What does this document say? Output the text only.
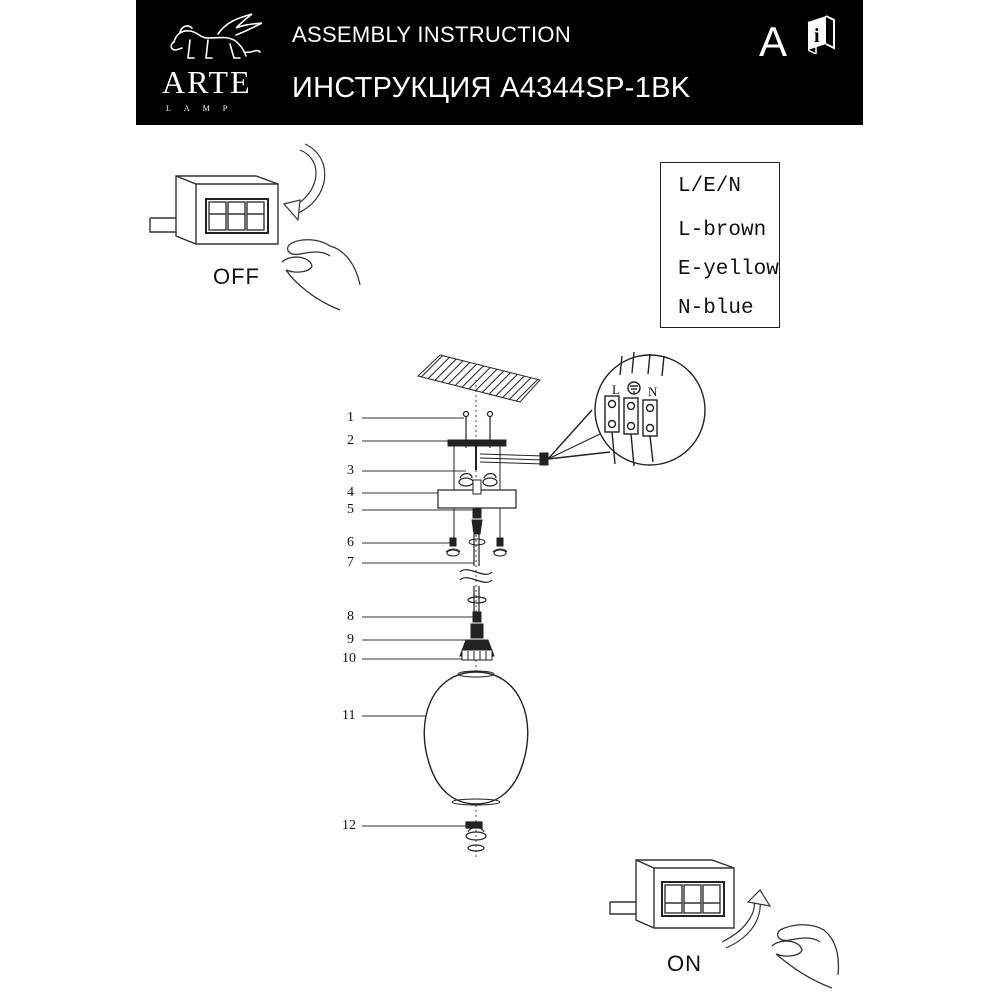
ARTE
LAMP
ASSEMBLY INSTRUCTION
ИНСТРУКЦИЯ A4344SP-1BK
A i
L/E/N
L-brown
E-yellow
N-blue
OFF
ON
1
2
3
4
5
6
7
8
9
10
11
12
L N
